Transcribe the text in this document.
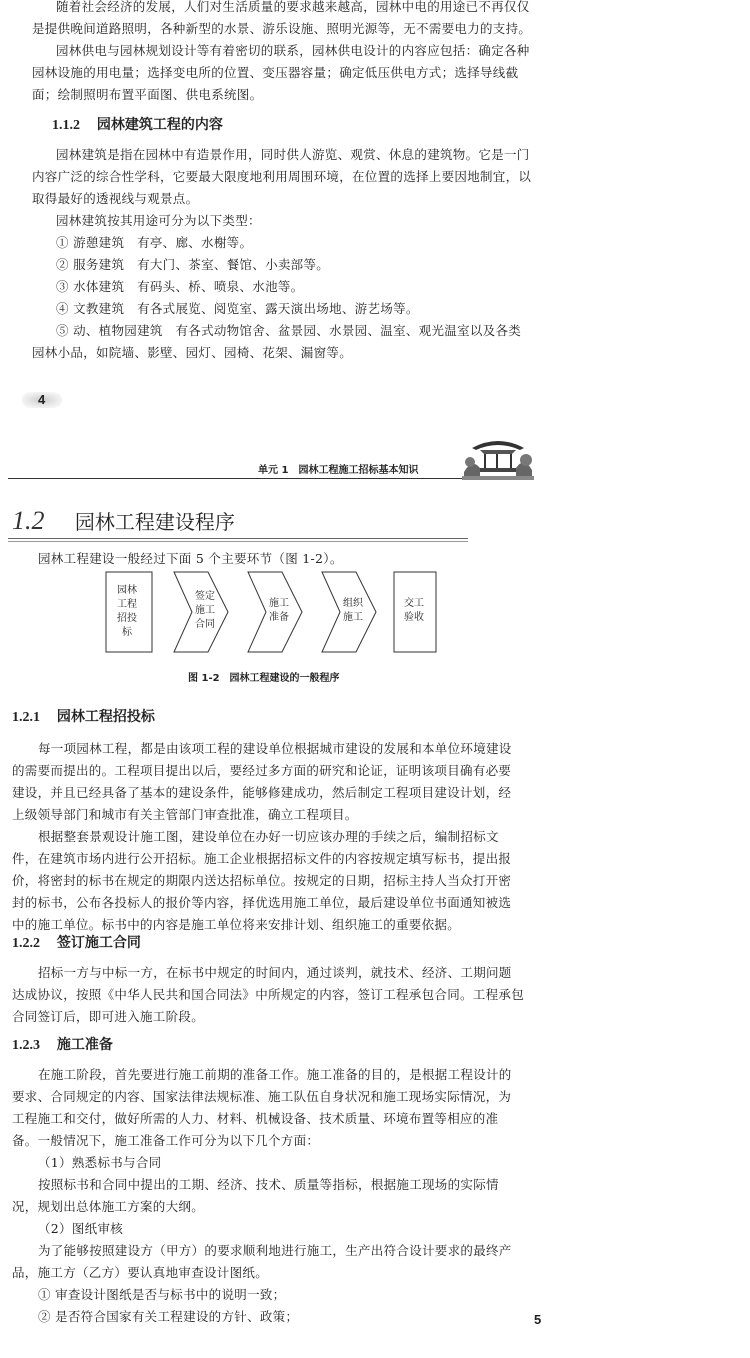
随着社会经济的发展，人们对生活质量的要求越来越高，园林中电的用途已不再仅仅
是提供晚间道路照明，各种新型的水景、游乐设施、照明光源等，无不需要电力的支持。
园林供电与园林规划设计等有着密切的联系，园林供电设计的内容应包括：确定各种
园林设施的用电量；选择变电所的位置、变压器容量；确定低压供电方式；选择导线截
面；绘制照明布置平面图、供电系统图。
1.1.2 园林建筑工程的内容
园林建筑是指在园林中有造景作用，同时供人游览、观赏、休息的建筑物。它是一门
内容广泛的综合性学科，它要最大限度地利用周围环境，在位置的选择上要因地制宜，以
取得最好的透视线与观景点。
园林建筑按其用途可分为以下类型：
① 游憩建筑　有亭、廊、水榭等。
② 服务建筑　有大门、茶室、餐馆、小卖部等。
③ 水体建筑　有码头、桥、喷泉、水池等。
④ 文教建筑　有各式展览、阅览室、露天演出场地、游艺场等。
⑤ 动、植物园建筑　有各式动物馆舍、盆景园、水景园、温室、观光温室以及各类
园林小品，如院墙、影壁、园灯、园椅、花架、漏窗等。
4
单元 1　园林工程施工招标基本知识
1.2 园林工程建设程序
园林工程建设一般经过下面 5 个主要环节（图 1-2）。
园林
工程
招投
标
签定
施工
合同
施工
准备
组织
施工
交工
验收
图 1-2　园林工程建设的一般程序
1.2.1 园林工程招投标
每一项园林工程，都是由该项工程的建设单位根据城市建设的发展和本单位环境建设
的需要而提出的。工程项目提出以后，要经过多方面的研究和论证，证明该项目确有必要
建设，并且已经具备了基本的建设条件，能够修建成功，然后制定工程项目建设计划，经
上级领导部门和城市有关主管部门审查批准，确立工程项目。
根据整套景观设计施工图，建设单位在办好一切应该办理的手续之后，编制招标文
件，在建筑市场内进行公开招标。施工企业根据招标文件的内容按规定填写标书，提出报
价，将密封的标书在规定的期限内送达招标单位。按规定的日期，招标主持人当众打开密
封的标书，公布各投标人的报价等内容，择优选用施工单位，最后建设单位书面通知被选
中的施工单位。标书中的内容是施工单位将来安排计划、组织施工的重要依据。
1.2.2 签订施工合同
招标一方与中标一方，在标书中规定的时间内，通过谈判，就技术、经济、工期问题
达成协议，按照《中华人民共和国合同法》中所规定的内容，签订工程承包合同。工程承包
合同签订后，即可进入施工阶段。
1.2.3 施工准备
在施工阶段，首先要进行施工前期的准备工作。施工准备的目的，是根据工程设计的
要求、合同规定的内容、国家法律法规标准、施工队伍自身状况和施工现场实际情况，为
工程施工和交付，做好所需的人力、材料、机械设备、技术质量、环境布置等相应的准
备。一般情况下，施工准备工作可分为以下几个方面：
（1）熟悉标书与合同
按照标书和合同中提出的工期、经济、技术、质量等指标，根据施工现场的实际情
况，规划出总体施工方案的大纲。
（2）图纸审核
为了能够按照建设方（甲方）的要求顺利地进行施工，生产出符合设计要求的最终产
品，施工方（乙方）要认真地审查设计图纸。
① 审查设计图纸是否与标书中的说明一致；
② 是否符合国家有关工程建设的方针、政策；	5
